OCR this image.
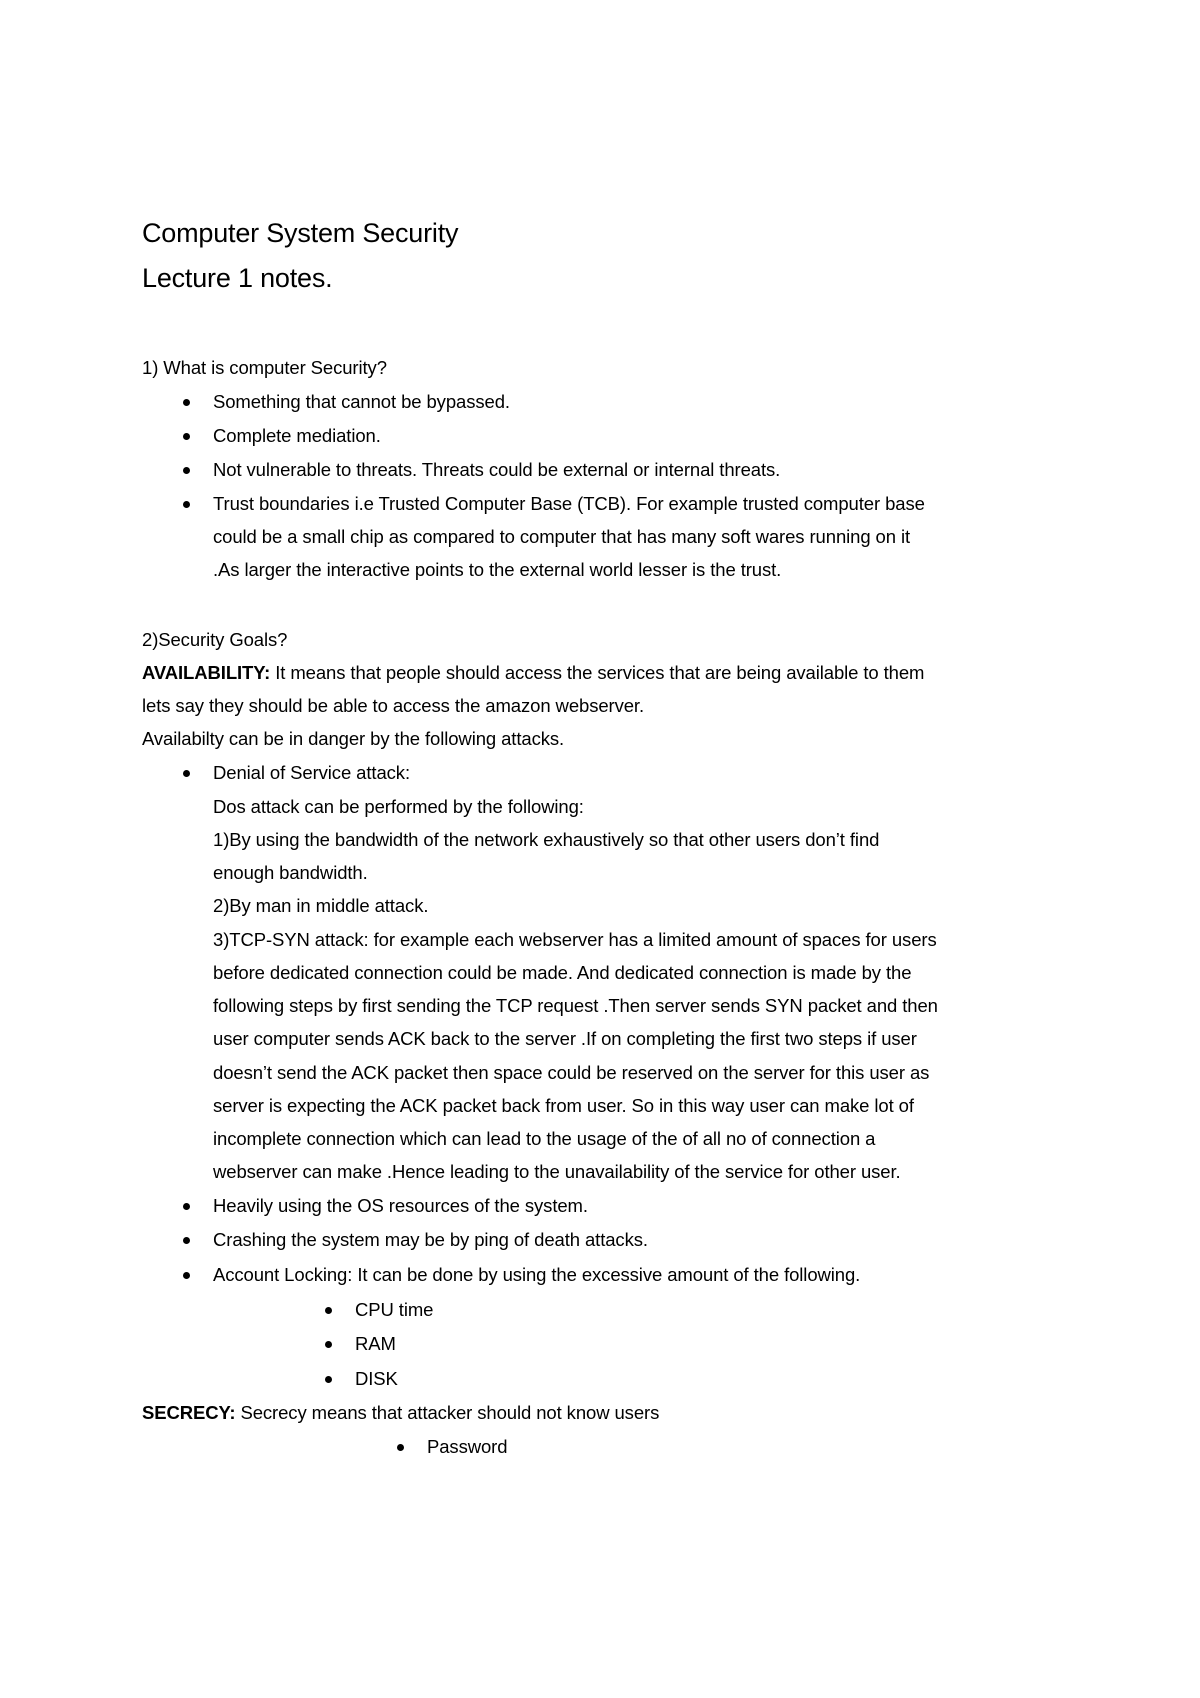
Computer System Security
Lecture 1 notes.
1) What is computer Security?
Something that cannot be bypassed.
Complete mediation.
Not vulnerable to threats. Threats could be external or internal threats.
Trust boundaries i.e Trusted Computer Base (TCB). For example trusted computer base
could be a small chip as compared to computer that has many soft wares running on it
.As larger the interactive points to the external world lesser is the trust.
2)Security Goals?
AVAILABILITY: It means that people should access the services that are being available to them
lets say they should be able to access the amazon webserver.
Availabilty can be in danger by the following attacks.
Denial of Service attack:
Dos attack can be performed by the following:
1)By using the bandwidth of the network exhaustively so that other users don’t find
enough bandwidth.
2)By man in middle attack.
3)TCP-SYN attack: for example each webserver has a limited amount of spaces for users
before dedicated connection could be made. And dedicated connection is made by the
following steps by first sending the TCP request .Then server sends SYN packet and then
user computer sends ACK back to the server .If on completing the first two steps if user
doesn’t send the ACK packet then space could be reserved on the server for this user as
server is expecting the ACK packet back from user. So in this way user can make lot of
incomplete connection which can lead to the usage of the of all no of connection a
webserver can make .Hence leading to the unavailability of the service for other user.
Heavily using the OS resources of the system.
Crashing the system may be by ping of death attacks.
Account Locking: It can be done by using the excessive amount of the following.
CPU time
RAM
DISK
SECRECY: Secrecy means that attacker should not know users
Password
